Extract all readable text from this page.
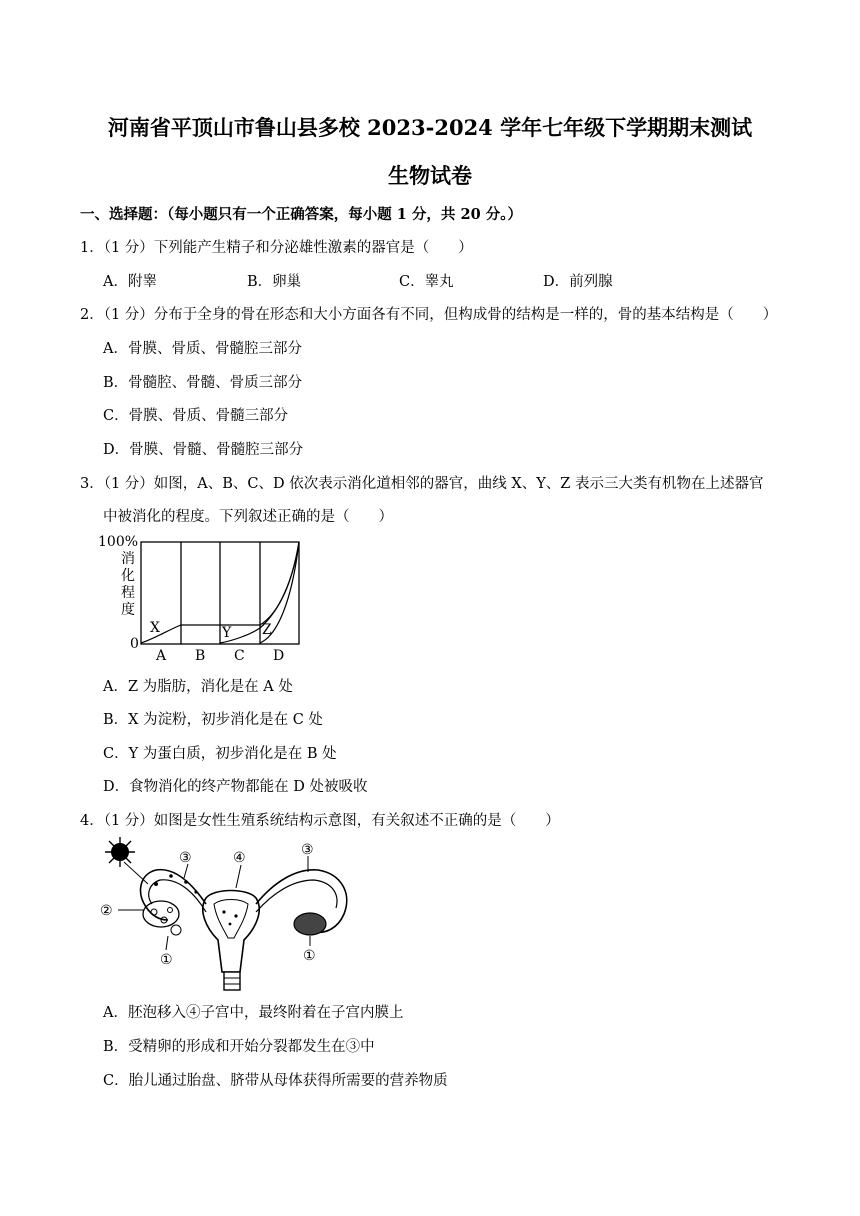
河南省平顶山市鲁山县多校 2023-2024 学年七年级下学期期末测试
生物试卷
一、选择题：（每小题只有一个正确答案，每小题 1 分，共 20 分。）
1．（1 分）下列能产生精子和分泌雄性激素的器官是（　　）
A．附睾	B．卵巢	C．睾丸	D．前列腺
2．（1 分）分布于全身的骨在形态和大小方面各有不同，但构成骨的结构是一样的，骨的基本结构是（　　）
A．骨膜、骨质、骨髓腔三部分
B．骨髓腔、骨髓、骨质三部分
C．骨膜、骨质、骨髓三部分
D．骨膜、骨髓、骨髓腔三部分
3．（1 分）如图，A、B、C、D 依次表示消化道相邻的器官，曲线 X、Y、Z 表示三大类有机物在上述器官
中被消化的程度。下列叙述正确的是（　　）
100%
消
化
程
度
0
X	Y Z
A B C D
A．Z 为脂肪，消化是在 A 处
B．X 为淀粉，初步消化是在 C 处
C．Y 为蛋白质，初步消化是在 B 处
D．食物消化的终产物都能在 D 处被吸收
4．（1 分）如图是女性生殖系统结构示意图，有关叙述不正确的是（　　）
③	④	③
②
①	①
A．胚泡移入④子宫中，最终附着在子宫内膜上
B．受精卵的形成和开始分裂都发生在③中
C．胎儿通过胎盘、脐带从母体获得所需要的营养物质
